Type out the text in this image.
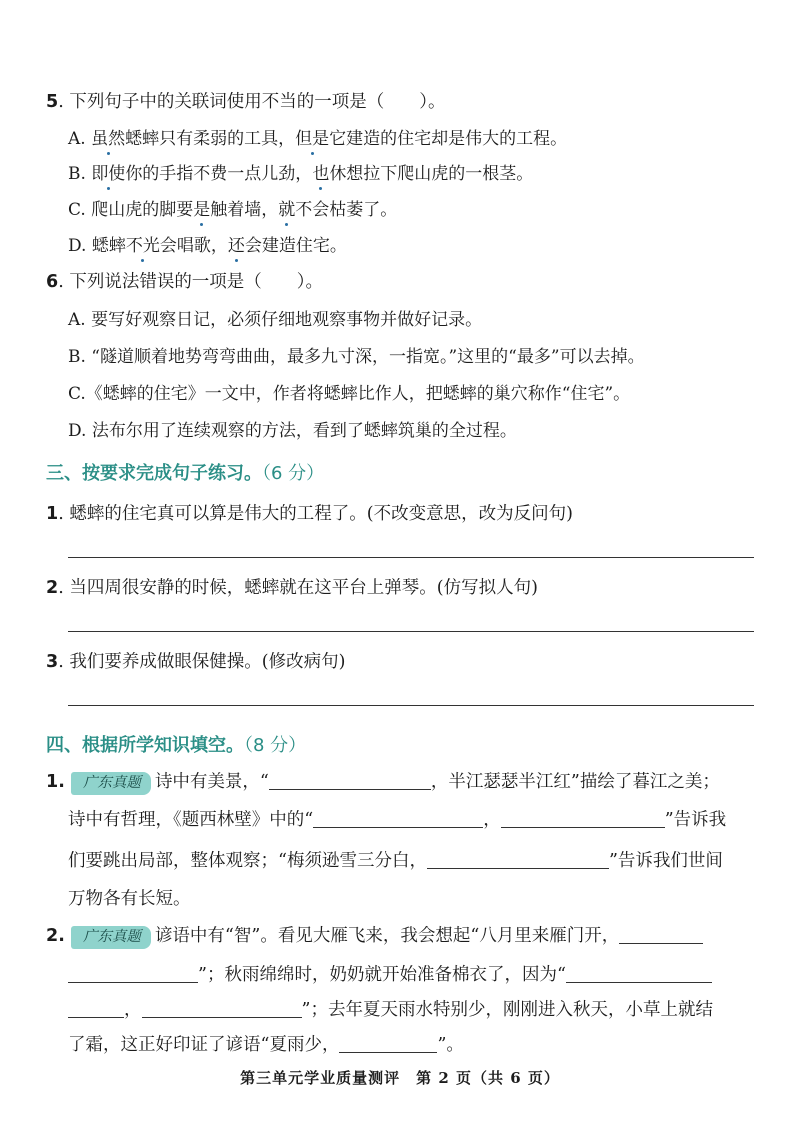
5. 下列句子中的关联词使用不当的一项是（　　）。
A. 虽然蟋蟀只有柔弱的工具，但是它建造的住宅却是伟大的工程。
B. 即使你的手指不费一点儿劲，也休想拉下爬山虎的一根茎。
C. 爬山虎的脚要是触着墙，就不会枯萎了。
D. 蟋蟀不光会唱歌，还会建造住宅。
6. 下列说法错误的一项是（　　）。
A. 要写好观察日记，必须仔细地观察事物并做好记录。
B. “隧道顺着地势弯弯曲曲，最多九寸深，一指宽。”这里的“最多”可以去掉。
C.《蟋蟀的住宅》一文中，作者将蟋蟀比作人，把蟋蟀的巢穴称作“住宅”。
D. 法布尔用了连续观察的方法，看到了蟋蟀筑巢的全过程。
三、按要求完成句子练习。（6 分）
1. 蟋蟀的住宅真可以算是伟大的工程了。(不改变意思，改为反问句)
2. 当四周很安静的时候，蟋蟀就在这平台上弹琴。(仿写拟人句)
3. 我们要养成做眼保健操。(修改病句)
四、根据所学知识填空。（8 分）
1. 广东真题 诗中有美景，“	，半江瑟瑟半江红”描绘了暮江之美；
诗中有哲理，《题西林壁》中的“	，	”告诉我
们要跳出局部，整体观察；“梅须逊雪三分白，	”告诉我们世间
万物各有长短。
2. 广东真题 谚语中有“智”。看见大雁飞来，我会想起“八月里来雁门开，
”；秋雨绵绵时，奶奶就开始准备棉衣了，因为“
，	”；去年夏天雨水特别少，刚刚进入秋天，小草上就结
了霜，这正好印证了谚语“夏雨少，	”。
第三单元学业质量测评　第 2 页（共 6 页）
